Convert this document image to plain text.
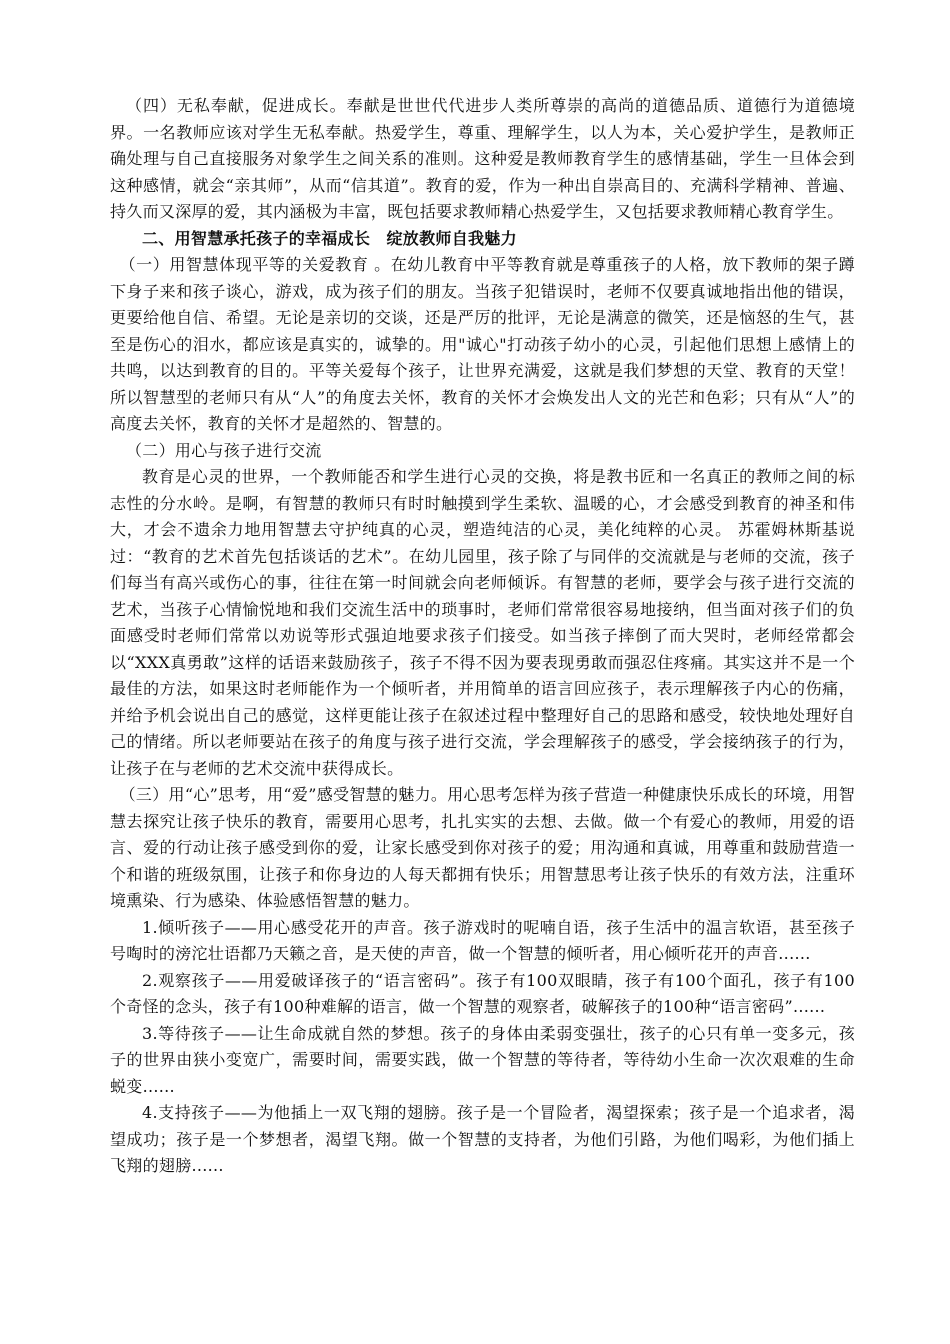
（四）无私奉献，促进成长。奉献是世世代代进步人类所尊崇的高尚的道德品质、道德行为道德境界。一名教师应该对学生无私奉献。热爱学生，尊重、理解学生，以人为本，关心爱护学生，是教师正确处理与自己直接服务对象学生之间关系的准则。这种爱是教师教育学生的感情基础，学生一旦体会到这种感情，就会“亲其师”，从而“信其道”。教育的爱，作为一种出自崇高目的、充满科学精神、普遍、持久而又深厚的爱，其内涵极为丰富，既包括要求教师精心热爱学生，又包括要求教师精心教育学生。

二、用智慧承托孩子的幸福成长　绽放教师自我魅力

（一）用智慧体现平等的关爱教育 。在幼儿教育中平等教育就是尊重孩子的人格，放下教师的架子蹲下身子来和孩子谈心，游戏，成为孩子们的朋友。当孩子犯错误时，老师不仅要真诚地指出他的错误，更要给他自信、希望。无论是亲切的交谈，还是严厉的批评，无论是满意的微笑，还是恼怒的生气，甚至是伤心的泪水，都应该是真实的，诚挚的。用"诚心"打动孩子幼小的心灵，引起他们思想上感情上的共鸣，以达到教育的目的。平等关爱每个孩子，让世界充满爱，这就是我们梦想的天堂、教育的天堂！所以智慧型的老师只有从“人”的角度去关怀，教育的关怀才会焕发出人文的光芒和色彩；只有从“人”的高度去关怀，教育的关怀才是超然的、智慧的。

（二）用心与孩子进行交流

教育是心灵的世界，一个教师能否和学生进行心灵的交换，将是教书匠和一名真正的教师之间的标志性的分水岭。是啊，有智慧的教师只有时时触摸到学生柔软、温暖的心，才会感受到教育的神圣和伟大，才会不遗余力地用智慧去守护纯真的心灵，塑造纯洁的心灵，美化纯粹的心灵。 苏霍姆林斯基说过：“教育的艺术首先包括谈话的艺术”。在幼儿园里，孩子除了与同伴的交流就是与老师的交流，孩子们每当有高兴或伤心的事，往往在第一时间就会向老师倾诉。有智慧的老师，要学会与孩子进行交流的艺术，当孩子心情愉悦地和我们交流生活中的琐事时，老师们常常很容易地接纳，但当面对孩子们的负面感受时老师们常常以劝说等形式强迫地要求孩子们接受。如当孩子摔倒了而大哭时，老师经常都会以“XXX真勇敢”这样的话语来鼓励孩子，孩子不得不因为要表现勇敢而强忍住疼痛。其实这并不是一个最佳的方法，如果这时老师能作为一个倾听者，并用简单的语言回应孩子，表示理解孩子内心的伤痛，并给予机会说出自己的感觉，这样更能让孩子在叙述过程中整理好自己的思路和感受，较快地处理好自己的情绪。所以老师要站在孩子的角度与孩子进行交流，学会理解孩子的感受，学会接纳孩子的行为，让孩子在与老师的艺术交流中获得成长。

（三）用“心”思考，用“爱”感受智慧的魅力。用心思考怎样为孩子营造一种健康快乐成长的环境，用智慧去探究让孩子快乐的教育，需要用心思考，扎扎实实的去想、去做。做一个有爱心的教师，用爱的语言、爱的行动让孩子感受到你的爱，让家长感受到你对孩子的爱；用沟通和真诚，用尊重和鼓励营造一个和谐的班级氛围，让孩子和你身边的人每天都拥有快乐；用智慧思考让孩子快乐的有效方法，注重环境熏染、行为感染、体验感悟智慧的魅力。

1.倾听孩子——用心感受花开的声音。孩子游戏时的呢喃自语，孩子生活中的温言软语，甚至孩子号啕时的滂沱壮语都乃天籁之音，是天使的声音，做一个智慧的倾听者，用心倾听花开的声音......

2.观察孩子——用爱破译孩子的“语言密码”。孩子有100双眼睛，孩子有100个面孔，孩子有100个奇怪的念头，孩子有100种难解的语言，做一个智慧的观察者，破解孩子的100种“语言密码”......

3.等待孩子——让生命成就自然的梦想。孩子的身体由柔弱变强壮，孩子的心只有单一变多元，孩子的世界由狭小变宽广，需要时间，需要实践，做一个智慧的等待者，等待幼小生命一次次艰难的生命蜕变......

4.支持孩子——为他插上一双飞翔的翅膀。孩子是一个冒险者，渴望探索；孩子是一个追求者，渴望成功；孩子是一个梦想者，渴望飞翔。做一个智慧的支持者，为他们引路，为他们喝彩，为他们插上飞翔的翅膀......
